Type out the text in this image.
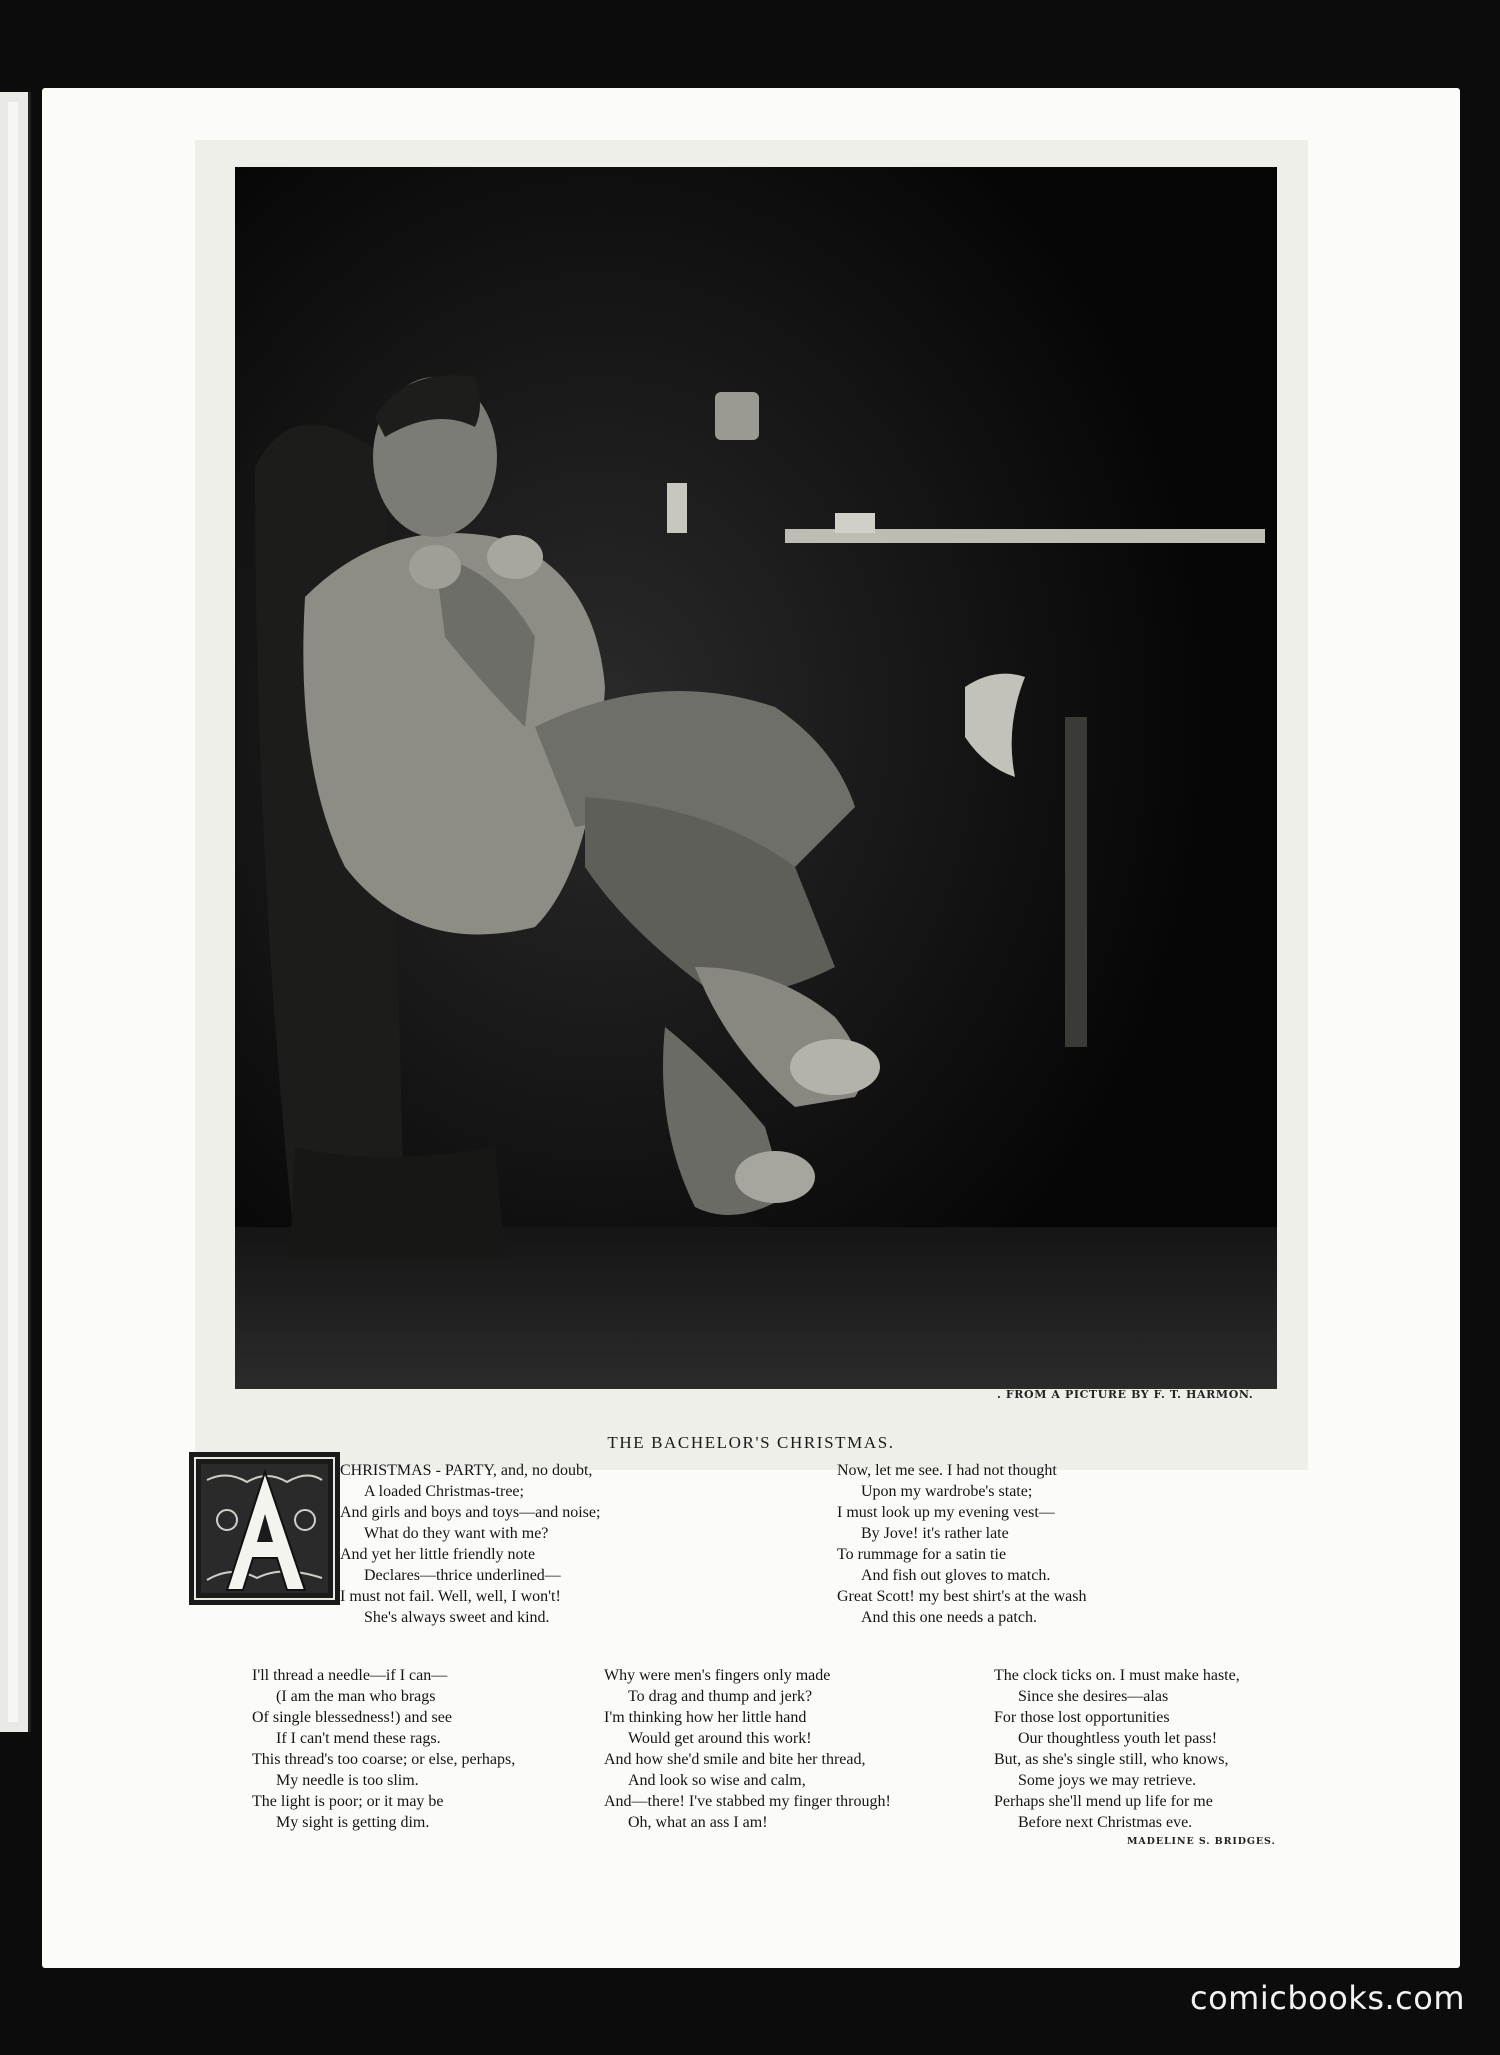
. FROM A PICTURE BY F. T. HARMON.
THE BACHELOR'S CHRISTMAS.
CHRISTMAS - PARTY, and, no doubt,
A loaded Christmas-tree;
And girls and boys and toys—and noise;
What do they want with me?
And yet her little friendly note
Declares—thrice underlined—
I must not fail. Well, well, I won't!
She's always sweet and kind.
Now, let me see. I had not thought
Upon my wardrobe's state;
I must look up my evening vest—
By Jove! it's rather late
To rummage for a satin tie
And fish out gloves to match.
Great Scott! my best shirt's at the wash
And this one needs a patch.
I'll thread a needle—if I can—
(I am the man who brags
Of single blessedness!) and see
If I can't mend these rags.
This thread's too coarse; or else, perhaps,
My needle is too slim.
The light is poor; or it may be
My sight is getting dim.
Why were men's fingers only made
To drag and thump and jerk?
I'm thinking how her little hand
Would get around this work!
And how she'd smile and bite her thread,
And look so wise and calm,
And—there! I've stabbed my finger through!
Oh, what an ass I am!
The clock ticks on. I must make haste,
Since she desires—alas
For those lost opportunities
Our thoughtless youth let pass!
But, as she's single still, who knows,
Some joys we may retrieve.
Perhaps she'll mend up life for me
Before next Christmas eve.
MADELINE S. BRIDGES.
comicbooks.com
